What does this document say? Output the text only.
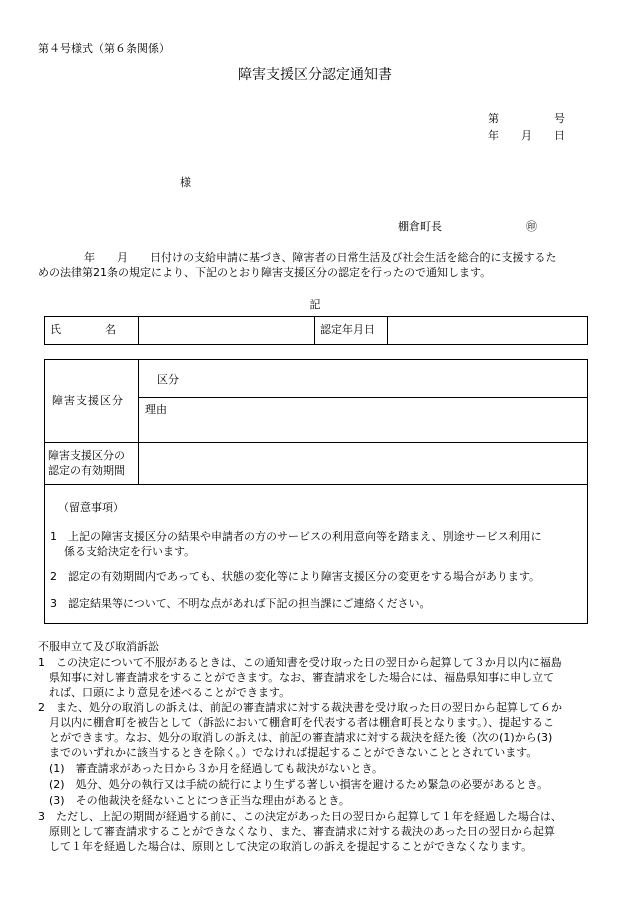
第４号様式（第６条関係）
障害支援区分認定通知書
第　　　　　号
年　　月　　日
様
棚倉町長	㊞

年　　月　　日付けの支給申請に基づき、障害者の日常生活及び社会生活を総合的に支援するた

めの法律第21条の規定により、下記のとおり障害支援区分の認定を行ったので通知します。

記
氏　　　　名	認定年月日
障害支援区分
区分
理由
障害支援区分の
認定の有効期間
（留意事項）
1　 上記の障害支援区分の結果や申請者の方のサービスの利用意向等を踏まえ、別途サービス利用に
係る支給決定を行います。
2　 認定の有効期間内であっても、状態の変化等により障害支援区分の変更をする場合があります。
3　 認定結果等について、不明な点があれば下記の担当課にご連絡ください。
不服申立て及び取消訴訟
1　この決定について不服があるときは、この通知書を受け取った日の翌日から起算して３か月以内に福島
　県知事に対し審査請求をすることができます。なお、審査請求をした場合には、福島県知事に申し立て
　れば、口頭により意見を述べることができます。
2　また、処分の取消しの訴えは、前記の審査請求に対する裁決書を受け取った日の翌日から起算して６か
　月以内に棚倉町を被告として（訴訟において棚倉町を代表する者は棚倉町長となります。）、提起するこ
　とができます。なお、処分の取消しの訴えは、前記の審査請求に対する裁決を経た後（次の(1)から(3)
　までのいずれかに該当するときを除く。）でなければ提起することができないこととされています。
　(1)　審査請求があった日から３か月を経過しても裁決がないとき。
　(2)　処分、処分の執行又は手続の続行により生ずる著しい損害を避けるため緊急の必要があるとき。
　(3)　その他裁決を経ないことにつき正当な理由があるとき。
3　ただし、上記の期間が経過する前に、この決定があった日の翌日から起算して１年を経過した場合は、
　原則として審査請求することができなくなり、また、審査請求に対する裁決のあった日の翌日から起算
　して１年を経過した場合は、原則として決定の取消しの訴えを提起することができなくなります。
